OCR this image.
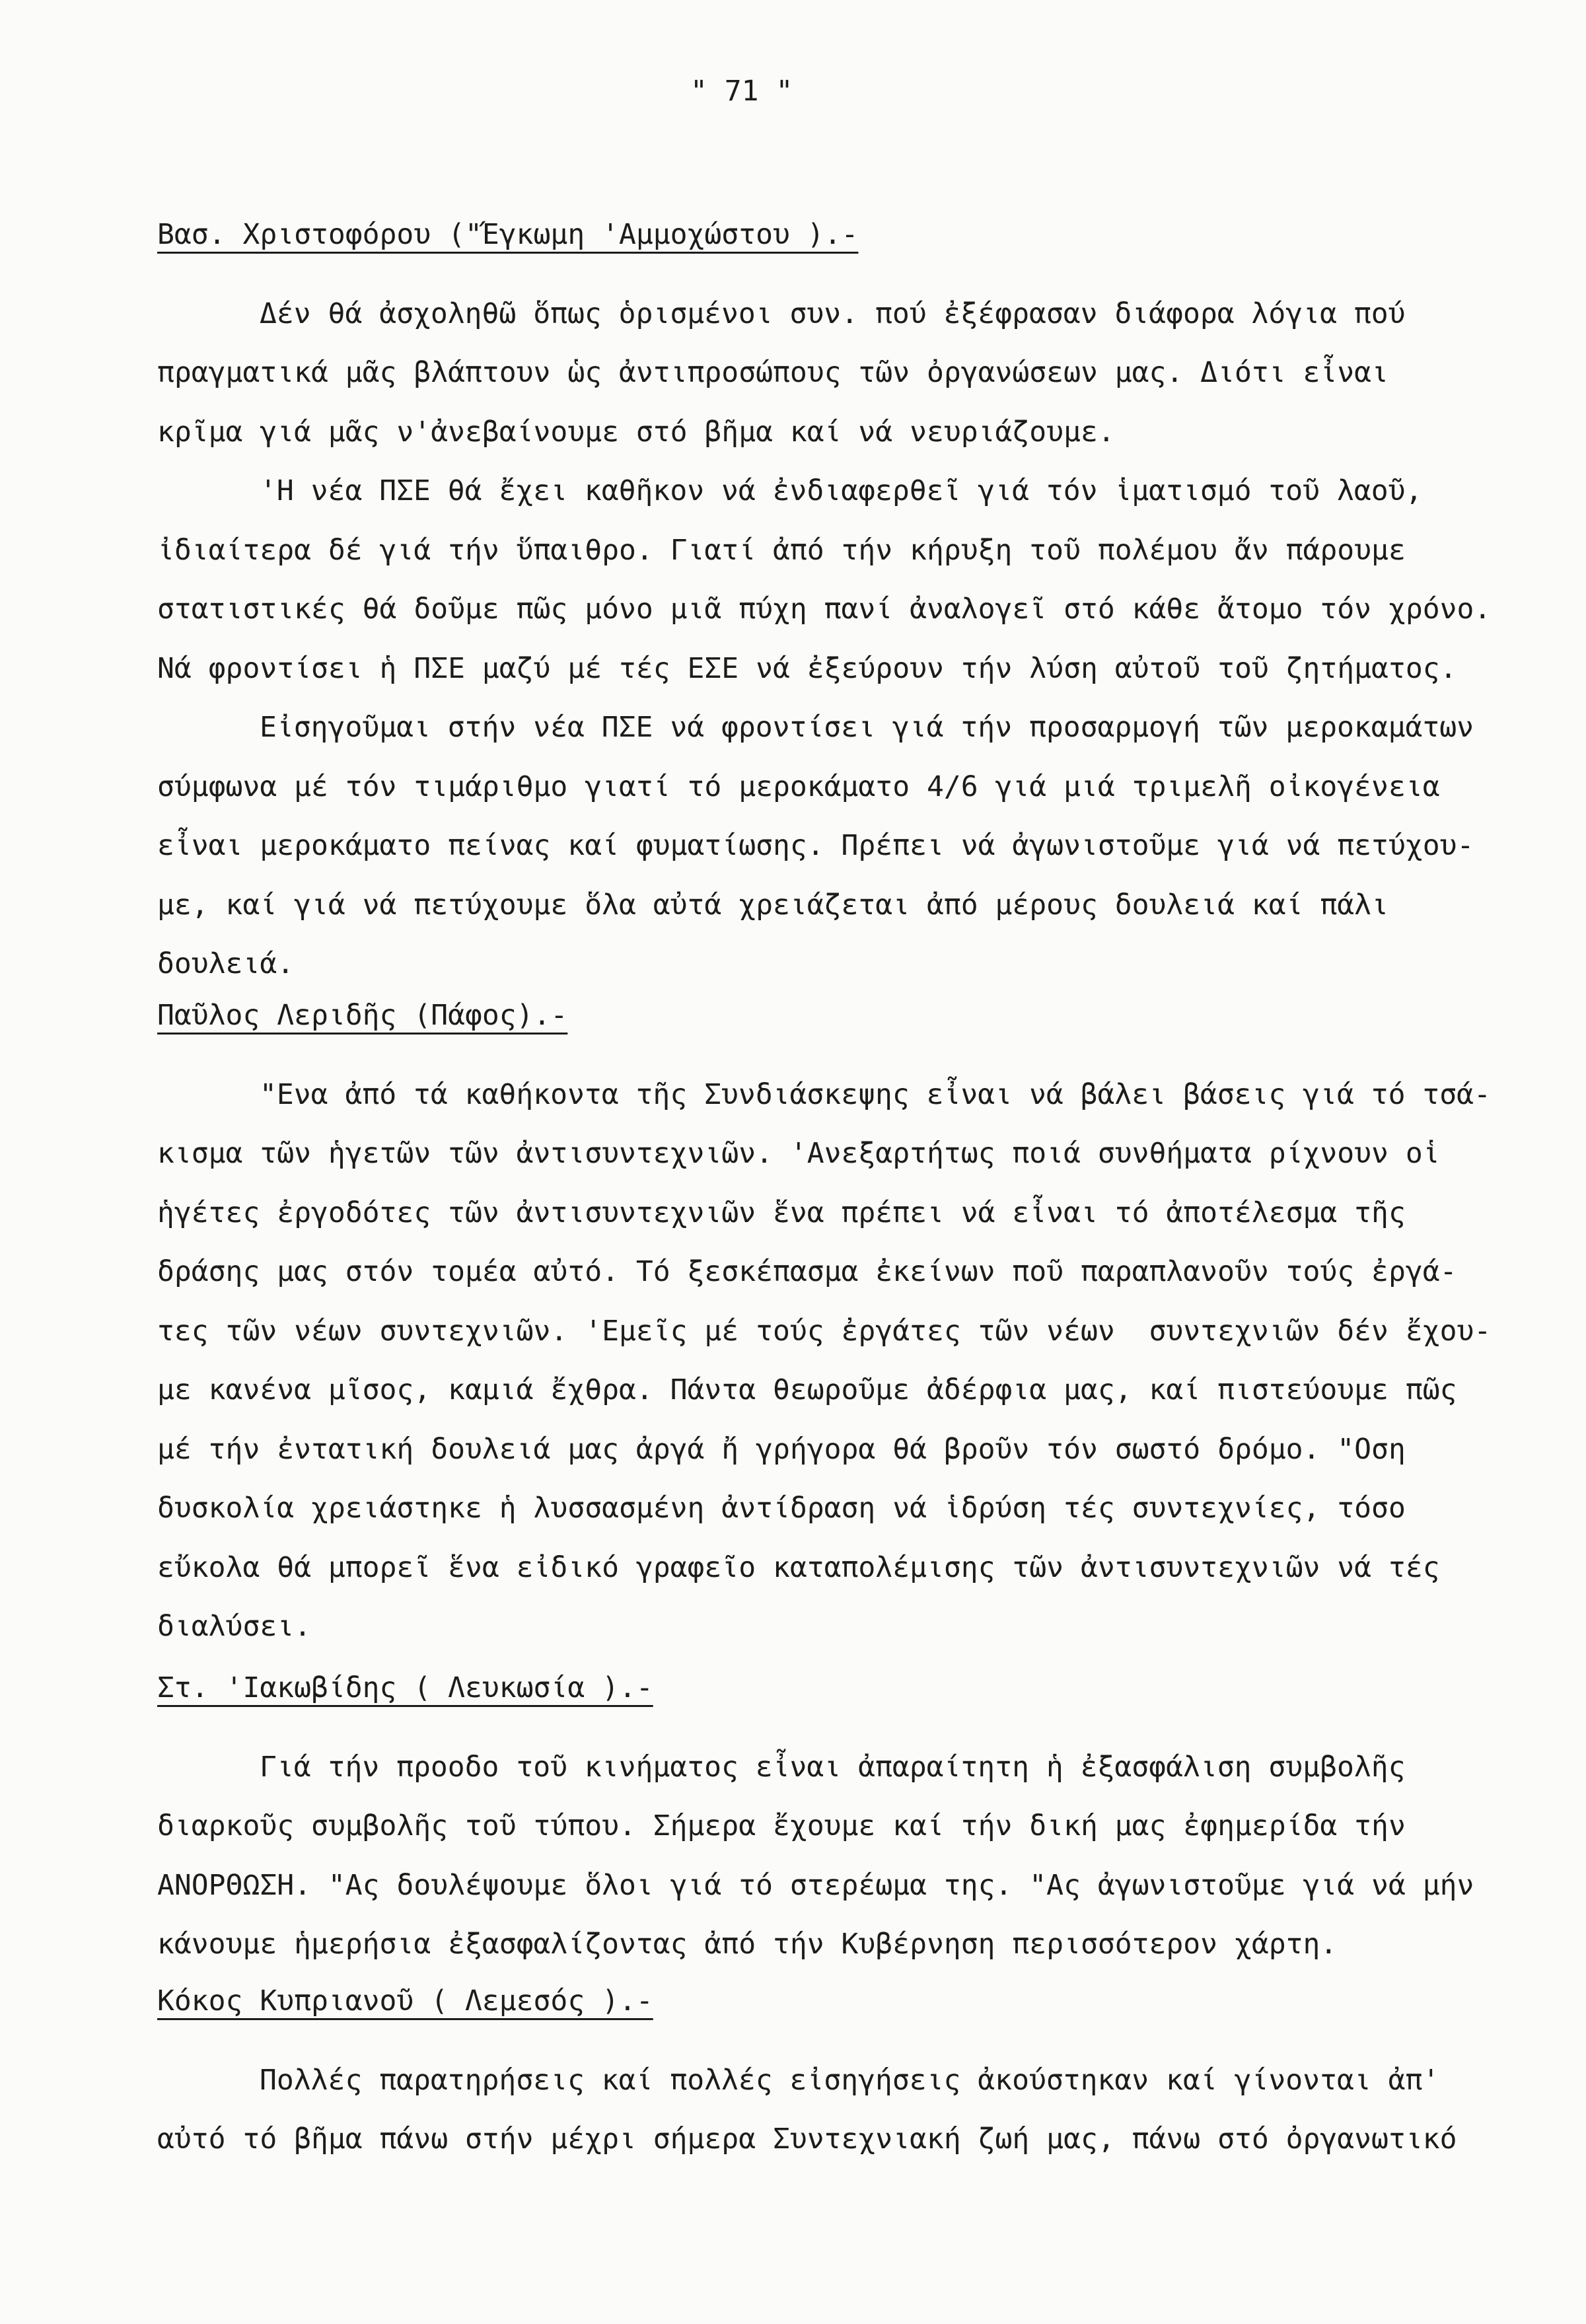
" 71 "
Βασ. Χριστοφόρου ("Έγκωμη 'Αμμοχώστου ).-
Δέν θά ἀσχοληθῶ ὅπως ὁρισμένοι συν. πού ἐξέφρασαν διάφορα λόγια πού
πραγματικά μᾶς βλάπτουν ὡς ἀντιπροσώπους τῶν ὀργανώσεων μας. Διότι εἶναι
κρῖμα γιά μᾶς ν'ἀνεβαίνουμε στό βῆμα καί νά νευριάζουμε.
'Η νέα ΠΣΕ θά ἔχει καθῆκον νά ἐνδιαφερθεῖ γιά τόν ἱματισμό τοῦ λαοῦ,
ἰδιαίτερα δέ γιά τήν ὕπαιθρο. Γιατί ἀπό τήν κήρυξη τοῦ πολέμου ἄν πάρουμε
στατιστικές θά δοῦμε πῶς μόνο μιᾶ πύχη πανί ἀναλογεῖ στό κάθε ἄτομο τόν χρόνο.
Νά φροντίσει ἡ ΠΣΕ μαζύ μέ τές ΕΣΕ νά ἐξεύρουν τήν λύση αὐτοῦ τοῦ ζητήματος.
Εἰσηγοῦμαι στήν νέα ΠΣΕ νά φροντίσει γιά τήν προσαρμογή τῶν μεροκαμάτων
σύμφωνα μέ τόν τιμάριθμο γιατί τό μεροκάματο 4/6 γιά μιά τριμελῆ οἰκογένεια
εἶναι μεροκάματο πείνας καί φυματίωσης. Πρέπει νά ἀγωνιστοῦμε γιά νά πετύχου-
με, καί γιά νά πετύχουμε ὅλα αὐτά χρειάζεται ἀπό μέρους δουλειά καί πάλι
δουλειά.
Παῦλος Λεριδῆς (Πάφος).-
"Ενα ἀπό τά καθήκοντα τῆς Συνδιάσκεψης εἶναι νά βάλει βάσεις γιά τό τσά-
κισμα τῶν ἡγετῶν τῶν ἀντισυντεχνιῶν. 'Ανεξαρτήτως ποιά συνθήματα ρίχνουν οἱ
ἡγέτες ἐργοδότες τῶν ἀντισυντεχνιῶν ἕνα πρέπει νά εἶναι τό ἀποτέλεσμα τῆς
δράσης μας στόν τομέα αὐτό. Τό ξεσκέπασμα ἐκείνων ποῦ παραπλανοῦν τούς ἐργά-
τες τῶν νέων συντεχνιῶν. 'Εμεῖς μέ τούς ἐργάτες τῶν νέων  συντεχνιῶν δέν ἔχου-
με κανένα μῖσος, καμιά ἔχθρα. Πάντα θεωροῦμε ἀδέρφια μας, καί πιστεύουμε πῶς
μέ τήν ἐντατική δουλειά μας ἀργά ἤ γρήγορα θά βροῦν τόν σωστό δρόμο. "Οση
δυσκολία χρειάστηκε ἡ λυσσασμένη ἀντίδραση νά ἱδρύση τές συντεχνίες, τόσο
εὔκολα θά μπορεῖ ἕνα εἰδικό γραφεῖο καταπολέμισης τῶν ἀντισυντεχνιῶν νά τές
διαλύσει.
Στ. 'Ιακωβίδης ( Λευκωσία ).-
Γιά τήν προοδο τοῦ κινήματος εἶναι ἀπαραίτητη ἡ ἐξασφάλιση συμβολῆς
διαρκοῦς συμβολῆς τοῦ τύπου. Σήμερα ἔχουμε καί τήν δική μας ἐφημερίδα τήν
ΑΝΟΡΘΩΣΗ. "Ας δουλέψουμε ὅλοι γιά τό στερέωμα της. "Ας ἀγωνιστοῦμε γιά νά μήν
κάνουμε ἡμερήσια ἐξασφαλίζοντας ἀπό τήν Κυβέρνηση περισσότερον χάρτη.
Κόκος Κυπριανοῦ ( Λεμεσός ).-
Πολλές παρατηρήσεις καί πολλές εἰσηγήσεις ἀκούστηκαν καί γίνονται ἀπ'
αὐτό τό βῆμα πάνω στήν μέχρι σήμερα Συντεχνιακή ζωή μας, πάνω στό ὀργανωτικό
